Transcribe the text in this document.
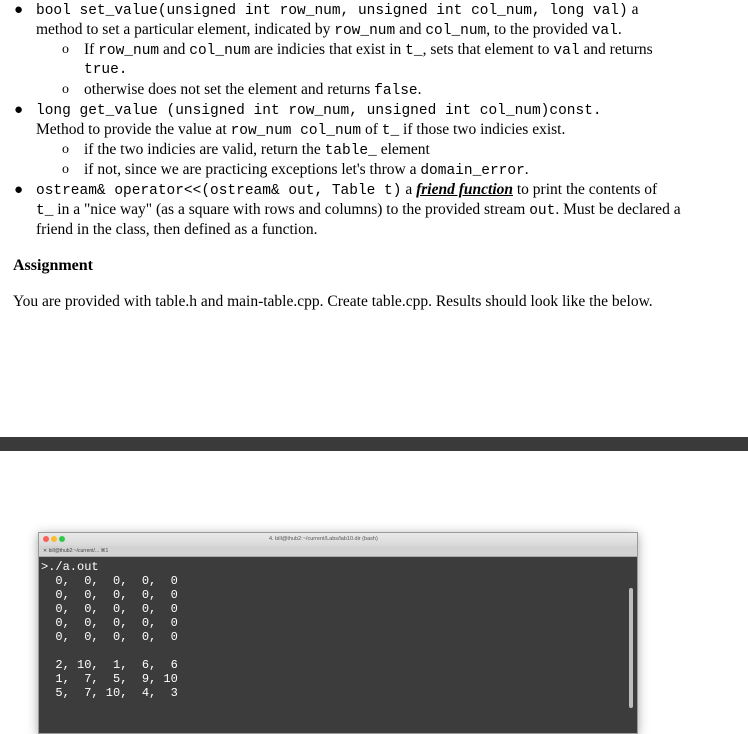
● bool set_value(unsigned int row_num, unsigned int col_num, long val) a
method to set a particular element, indicated by row_num and col_num, to the provided val.
o If row_num and col_num are indicies that exist in t_, sets that element to val and returns
true.
o otherwise does not set the element and returns false.
● long get_value (unsigned int row_num, unsigned int col_num)const.
Method to provide the value at row_num col_num of t_ if those two indicies exist.
o if the two indicies are valid, return the table_ element
o if not, since we are practicing exceptions let's throw a domain_error.
● ostream& operator<<(ostream& out, Table t) a friend function to print the contents of
t_ in a "nice way" (as a square with rows and columns) to the provided stream out. Must be declared a
friend in the class, then defined as a function.
Assignment
You are provided with table.h and main-table.cpp. Create table.cpp. Results should look like the below.
4. bill@thub2:~/current/Labs/lab10.dir (bash)
✕ bill@thub2:~/current/... ⌘1
>./a.out
0,  0,  0,  0,  0
0,  0,  0,  0,  0
0,  0,  0,  0,  0
0,  0,  0,  0,  0
0,  0,  0,  0,  0
2, 10,  1,  6,  6
1,  7,  5,  9, 10
5,  7, 10,  4,  3
